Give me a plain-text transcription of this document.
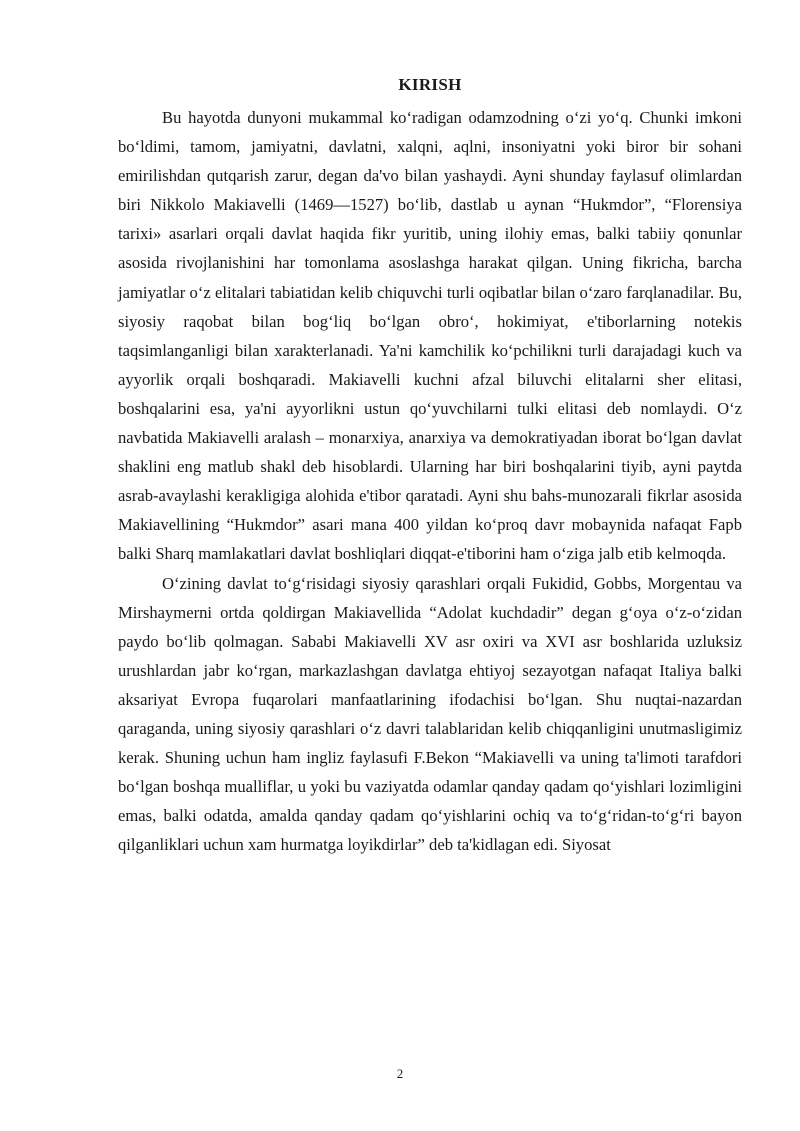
KIRISH

Bu hayotda dunyoni mukammal ko‘radigan odamzodning o‘zi yo‘q. Chunki imkoni bo‘ldimi, tamom, jamiyatni, davlatni, xalqni, aqlni, insoniyatni yoki biror bir sohani emirilishdan qutqarish zarur, degan da'vo bilan yashaydi. Ayni shunday faylasuf olimlardan biri Nikkolo Makiavelli (1469—1527) bo‘lib, dastlab u aynan “Hukmdor”, “Florensiya tarixi» asarlari orqali davlat haqida fikr yuritib, uning ilohiy emas, balki tabiiy qonunlar asosida rivojlanishini har tomonlama asoslashga harakat qilgan. Uning fikricha, barcha jamiyatlar o‘z elitalari tabiatidan kelib chiquvchi turli oqibatlar bilan o‘zaro farqlanadilar. Bu, siyosiy raqobat bilan bog‘liq bo‘lgan obro‘, hokimiyat, e'tiborlarning notekis taqsimlanganligi bilan xarakterlanadi. Ya'ni kamchilik ko‘pchilikni turli darajadagi kuch va ayyorlik orqali boshqaradi. Makiavelli kuchni afzal biluvchi elitalarni sher elitasi, boshqalarini esa, ya'ni ayyorlikni ustun qo‘yuvchilarni tulki elitasi deb nomlaydi. O‘z navbatida Makiavelli aralash – monarxiya, anarxiya va demokratiyadan iborat bo‘lgan davlat shaklini eng matlub shakl deb hisoblardi. Ularning har biri boshqalarini tiyib, ayni paytda asrab-avaylashi kerakligiga alohida e'tibor qaratadi. Ayni shu bahs-munozarali fikrlar asosida Makiavellining “Hukmdor” asari mana 400 yildan ko‘proq davr mobaynida nafaqat Fapb balki Sharq mamlakatlari davlat boshliqlari diqqat-e'tiborini ham o‘ziga jalb etib kelmoqda.

O‘zining davlat to‘g‘risidagi siyosiy qarashlari orqali Fukidid, Gobbs, Morgentau va Mirshaymerni ortda qoldirgan Makiavellida “Adolat kuchdadir” degan g‘oya o‘z-o‘zidan paydo bo‘lib qolmagan. Sababi Makiavelli XV asr oxiri va XVI asr boshlarida uzluksiz urushlardan jabr ko‘rgan, markazlashgan davlatga ehtiyoj sezayotgan nafaqat Italiya balki aksariyat Evropa fuqarolari manfaatlarining ifodachisi bo‘lgan. Shu nuqtai-nazardan qaraganda, uning siyosiy qarashlari o‘z davri talablaridan kelib chiqqanligini unutmasligimiz kerak. Shuning uchun ham ingliz faylasufi F.Bekon “Makiavelli va uning ta'limoti tarafdori bo‘lgan boshqa mualliflar, u yoki bu vaziyatda odamlar qanday qadam qo‘yishlari lozimligini emas, balki odatda, amalda qanday qadam qo‘yishlarini ochiq va to‘g‘ridan-to‘g‘ri bayon qilganliklari uchun xam hurmatga loyikdirlar” deb ta'kidlagan edi. Siyosat

2
